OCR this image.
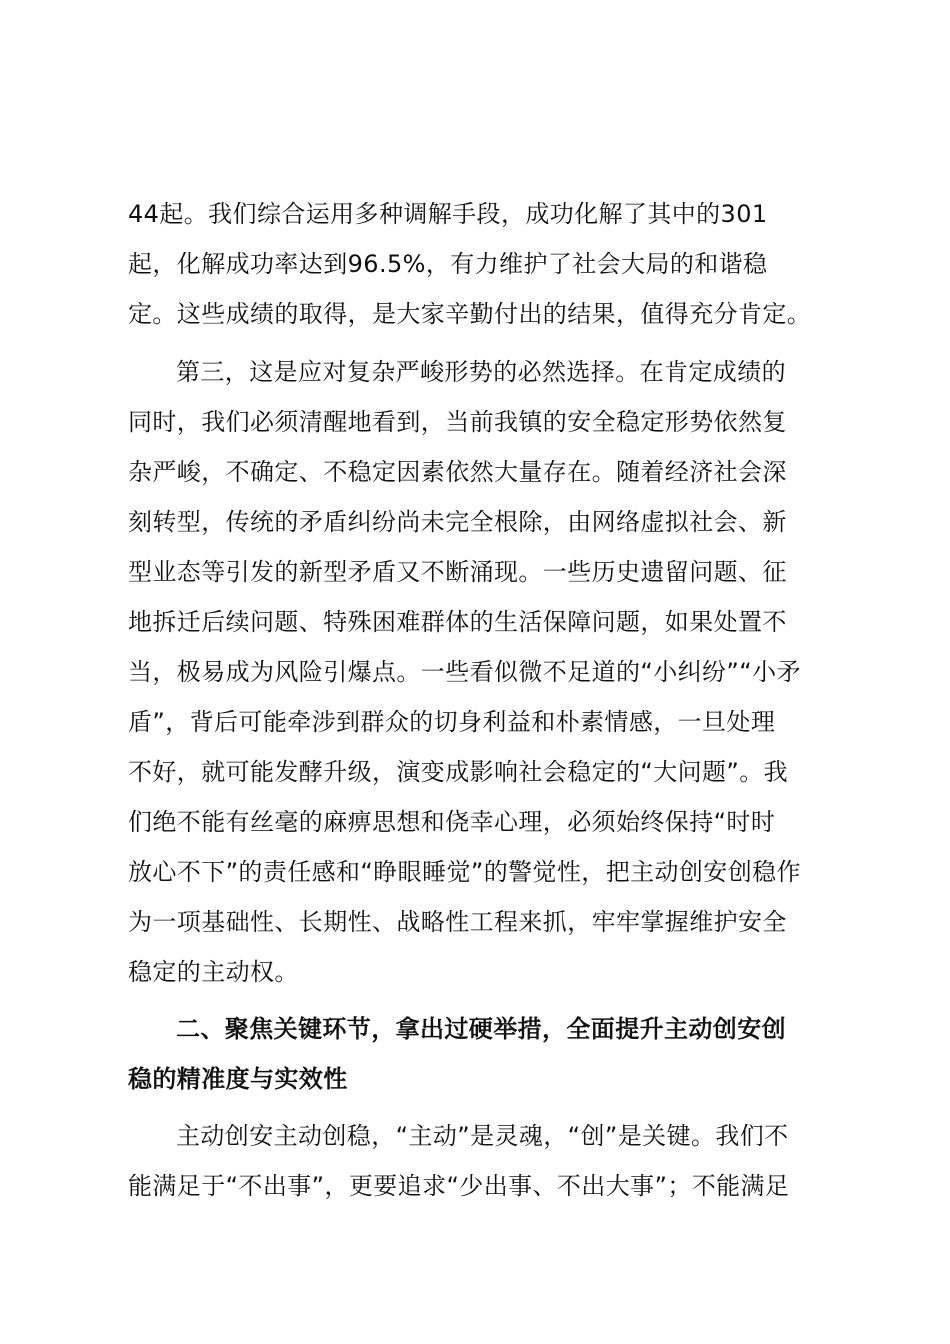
44起。我们综合运用多种调解手段，成功化解了其中的301
起，化解成功率达到96.5%，有力维护了社会大局的和谐稳
定。这些成绩的取得，是大家辛勤付出的结果，值得充分肯定。
第三，这是应对复杂严峻形势的必然选择。在肯定成绩的
同时，我们必须清醒地看到，当前我镇的安全稳定形势依然复
杂严峻，不确定、不稳定因素依然大量存在。随着经济社会深
刻转型，传统的矛盾纠纷尚未完全根除，由网络虚拟社会、新
型业态等引发的新型矛盾又不断涌现。一些历史遗留问题、征
地拆迁后续问题、特殊困难群体的生活保障问题，如果处置不
当，极易成为风险引爆点。一些看似微不足道的“小纠纷”“小矛
盾”，背后可能牵涉到群众的切身利益和朴素情感，一旦处理
不好，就可能发酵升级，演变成影响社会稳定的“大问题”。我
们绝不能有丝毫的麻痹思想和侥幸心理，必须始终保持“时时
放心不下”的责任感和“睁眼睡觉”的警觉性，把主动创安创稳作
为一项基础性、长期性、战略性工程来抓，牢牢掌握维护安全
稳定的主动权。
二、聚焦关键环节，拿出过硬举措，全面提升主动创安创
稳的精准度与实效性
主动创安主动创稳，“主动”是灵魂，“创”是关键。我们不
能满足于“不出事”，更要追求“少出事、不出大事”；不能满足
